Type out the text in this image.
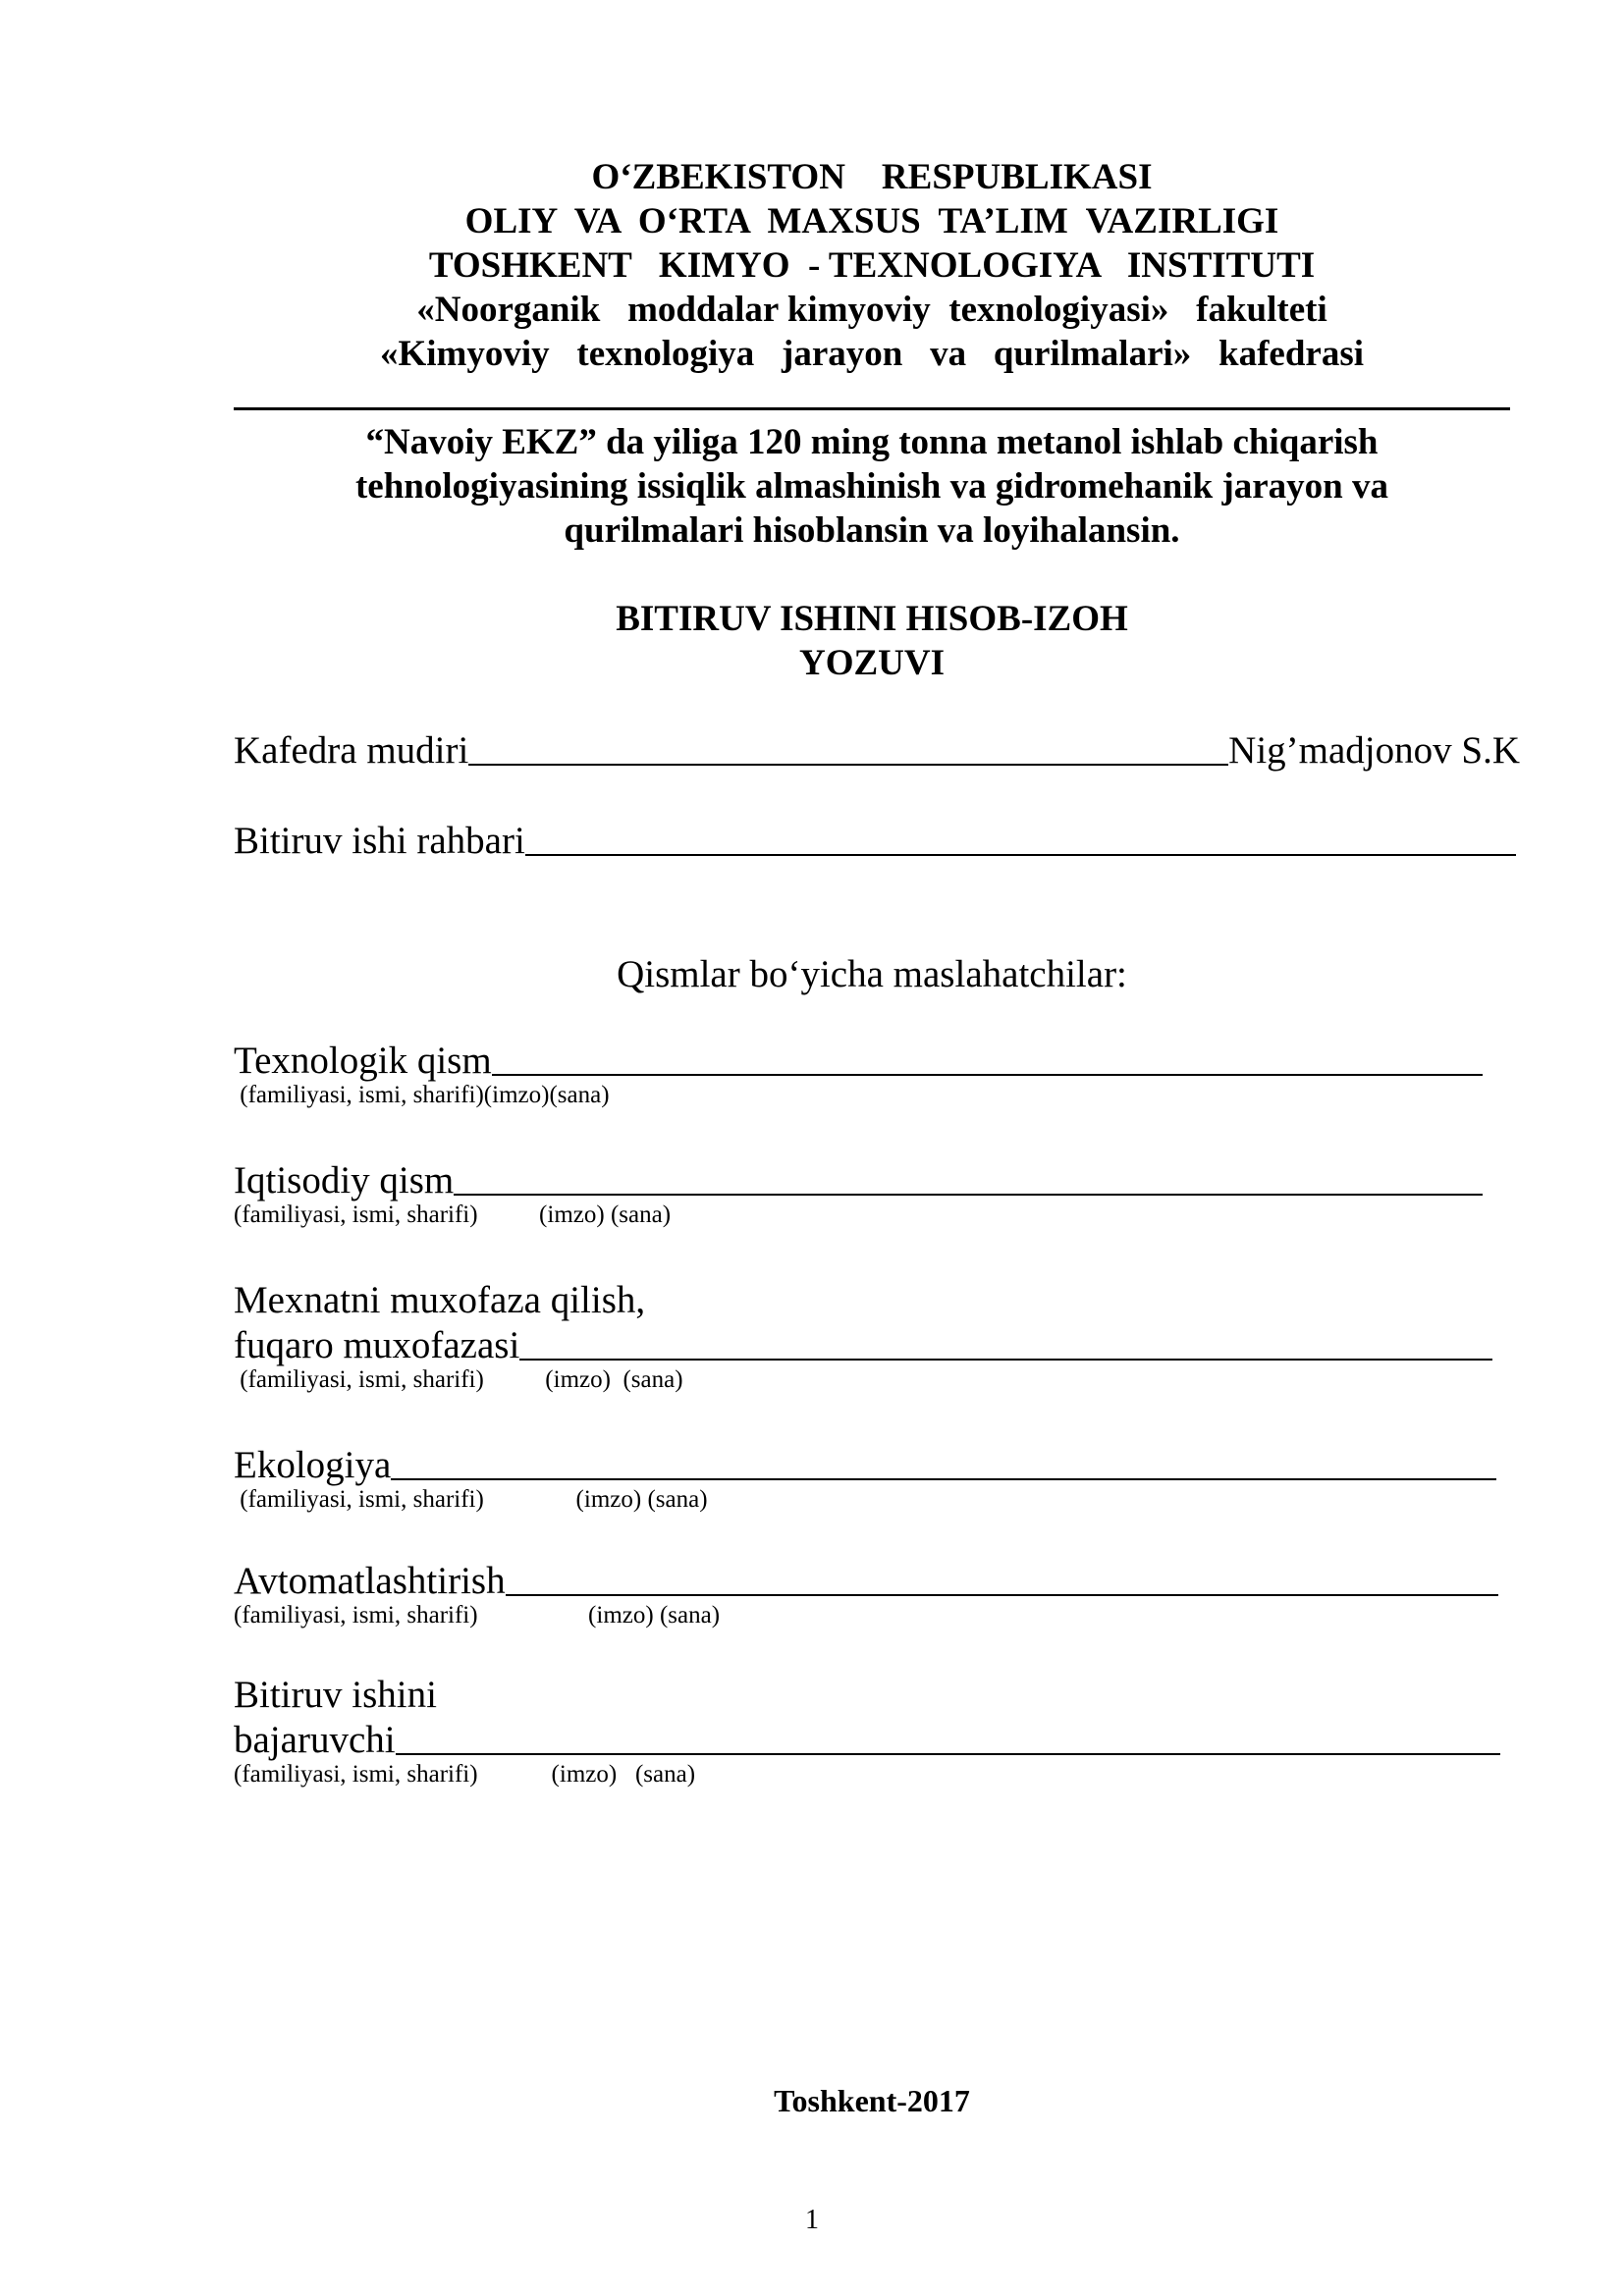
O‘ZBEKISTON    RESPUBLIKASI
OLIY  VA  O‘RTA  MAXSUS  TA’LIM  VAZIRLIGI
TOSHKENT   KIMYO  - TEXNOLOGIYA   INSTITUTI
«Noorganik   moddalar kimyoviy  texnologiyasi»   fakulteti
«Kimyoviy   texnologiya   jarayon   va   qurilmalari»   kafedrasi
“Navoiy EKZ” da yiliga 120 ming tonna metanol ishlab chiqarish
tehnologiyasining issiqlik almashinish va gidromehanik jarayon va
qurilmalari hisoblansin va loyihalansin.
BITIRUV ISHINI HISOB-IZOH
YOZUVI
Kafedra mudiri	Nig’madjonov S.K
Bitiruv ishi rahbari
Qismlar bo‘yicha maslahatchilar:
Texnologik qism
(familiyasi, ismi, sharifi)(imzo)(sana)
Iqtisodiy qism
(familiyasi, ismi, sharifi)          (imzo) (sana)
Mexnatni muxofaza qilish,
fuqaro muxofazasi
(familiyasi, ismi, sharifi)          (imzo)  (sana)
Ekologiya
(familiyasi, ismi, sharifi)               (imzo) (sana)
Avtomatlashtirish
(familiyasi, ismi, sharifi)                  (imzo) (sana)
Bitiruv ishini
bajaruvchi
(familiyasi, ismi, sharifi)            (imzo)   (sana)
Toshkent-2017
1
